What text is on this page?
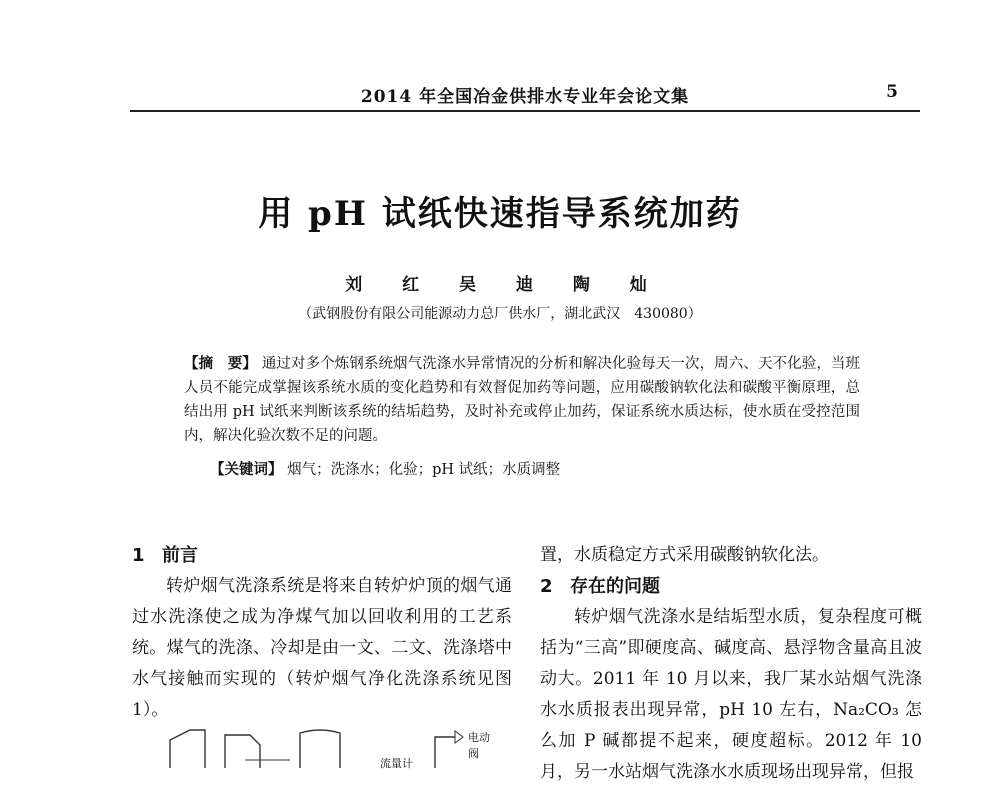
2014 年全国冶金供排水专业年会论文集	5
用 pH 试纸快速指导系统加药
刘 红 吴 迪 陶 灿
（武钢股份有限公司能源动力总厂供水厂，湖北武汉　430080）
【摘　要】 通过对多个炼钢系统烟气洗涤水异常情况的分析和解决化验每天一次，周六、天不化验，当班人员不能完成掌握该系统水质的变化趋势和有效督促加药等问题，应用碳酸钠软化法和碳酸平衡原理，总结出用 pH 试纸来判断该系统的结垢趋势，及时补充或停止加药，保证系统水质达标，使水质在受控范围内，解决化验次数不足的问题。
【关键词】 烟气；洗涤水；化验；pH 试纸；水质调整
1 前言

转炉烟气洗涤系统是将来自转炉炉顶的烟气通过水洗涤使之成为净煤气加以回收利用的工艺系统。煤气的洗涤、冷却是由一文、二文、洗涤塔中水气接触而实现的（转炉烟气净化洗涤系统见图 1）。

置，水质稳定方式采用碳酸钠软化法。

2 存在的问题

转炉烟气洗涤水是结垢型水质，复杂程度可概括为“三高”即硬度高、碱度高、悬浮物含量高且波动大。2011 年 10 月以来，我厂某水站烟气洗涤水水质报表出现异常，pH 10 左右，Na₂CO₃ 怎么加 P 碱都提不起来，硬度超标。2012 年 10 月，另一水站烟气洗涤水水质现场出现异常，但报

电动阀
流量计
